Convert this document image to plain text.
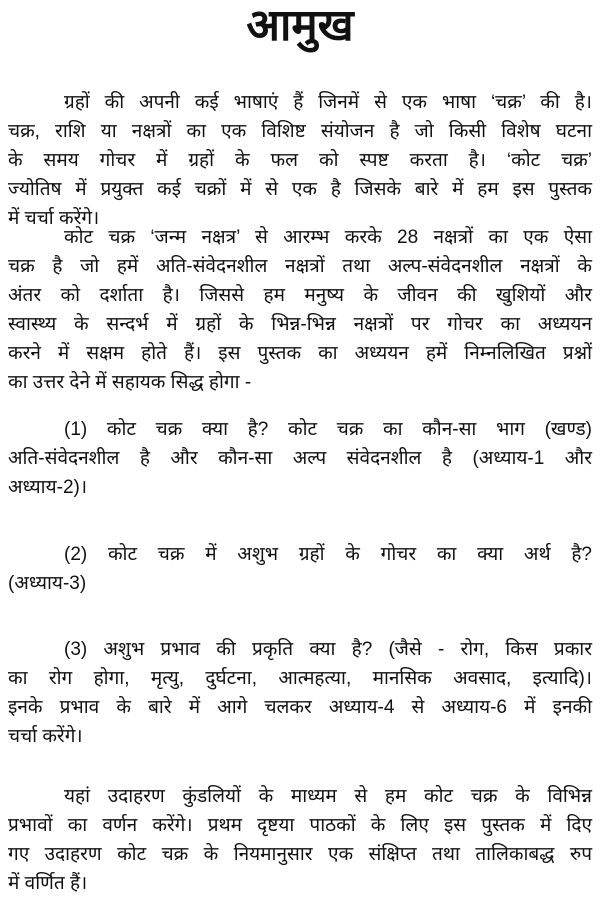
आमुख
ग्रहों की अपनी कई भाषाएं हैं जिनमें से एक भाषा ‘चक्र’ की है।
चक्र, राशि या नक्षत्रों का एक विशिष्ट संयोजन है जो किसी विशेष घटना
के समय गोचर में ग्रहों के फल को स्पष्ट करता है। ‘कोट चक्र’
ज्योतिष में प्रयुक्त कई चक्रों में से एक है जिसके बारे में हम इस पुस्तक
में चर्चा करेंगे।
कोट चक्र ‘जन्म नक्षत्र’ से आरम्भ करके 28 नक्षत्रों का एक ऐसा
चक्र है जो हमें अति-संवेदनशील नक्षत्रों तथा अल्प-संवेदनशील नक्षत्रों के
अंतर को दर्शाता है। जिससे हम मनुष्य के जीवन की खुशियों और
स्वास्थ्य के सन्दर्भ में ग्रहों के भिन्न-भिन्न नक्षत्रों पर गोचर का अध्ययन
करने में सक्षम होते हैं। इस पुस्तक का अध्ययन हमें निम्नलिखित प्रश्नों
का उत्तर देने में सहायक सिद्ध होगा -
(1) कोट चक्र क्या है? कोट चक्र का कौन-सा भाग (खण्ड)
अति-संवेदनशील है और कौन-सा अल्प संवेदनशील है (अध्याय-1 और
अध्याय-2)।
(2) कोट चक्र में अशुभ ग्रहों के गोचर का क्या अर्थ है?
(अध्याय-3)
(3) अशुभ प्रभाव की प्रकृति क्या है? (जैसे - रोग, किस प्रकार
का रोग होगा, मृत्यु, दुर्घटना, आत्महत्या, मानसिक अवसाद, इत्यादि)।
इनके प्रभाव के बारे में आगे चलकर अध्याय-4 से अध्याय-6 में इनकी
चर्चा करेंगे।
यहां उदाहरण कुंडलियों के माध्यम से हम कोट चक्र के विभिन्न
प्रभावों का वर्णन करेंगे। प्रथम दृष्टया पाठकों के लिए इस पुस्तक में दिए
गए उदाहरण कोट चक्र के नियमानुसार एक संक्षिप्त तथा तालिकाबद्ध रुप
में वर्णित हैं।
